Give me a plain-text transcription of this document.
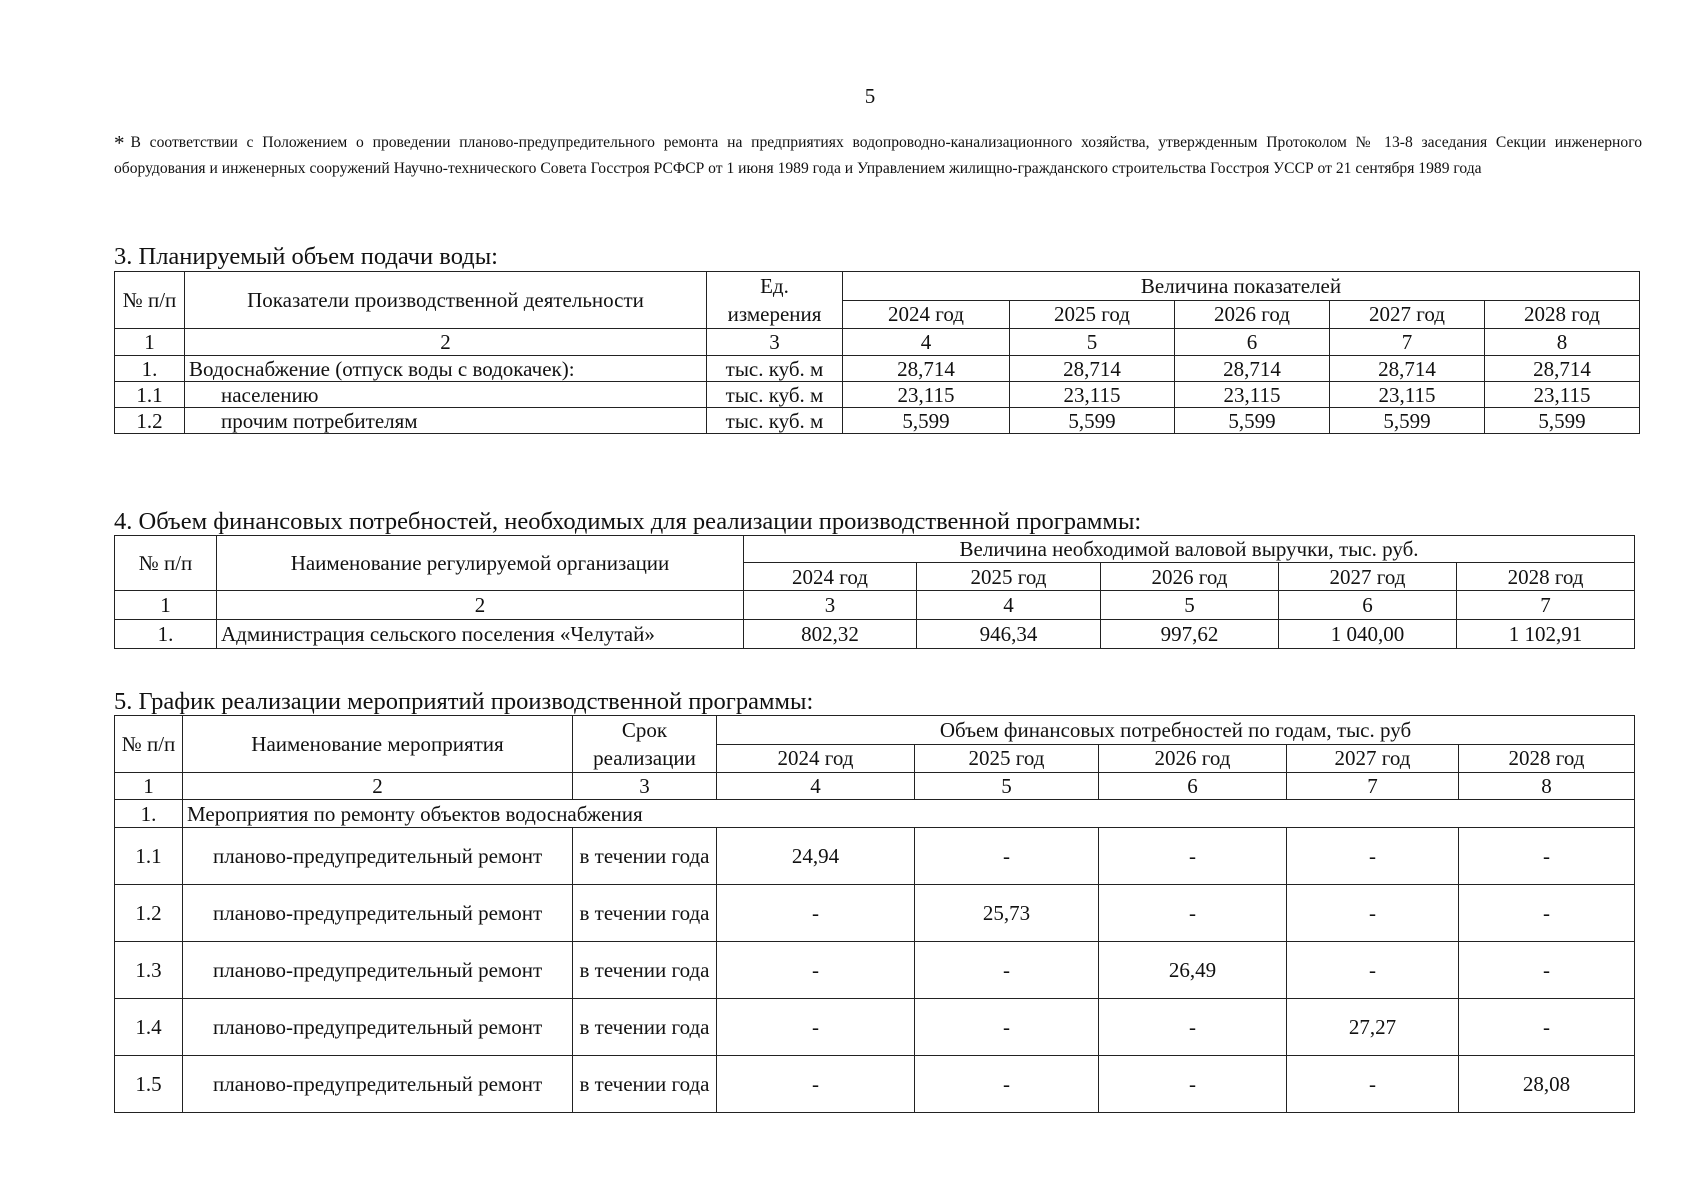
5
* В соответствии с Положением о проведении планово-предупредительного ремонта на предприятиях водопроводно-канализационного хозяйства, утвержденным Протоколом № 13-8 заседания Секции инженерного оборудования и инженерных сооружений Научно-технического Совета Госстроя РСФСР от 1 июня 1989 года и Управлением жилищно-гражданского строительства Госстроя УССР от 21 сентября 1989 года
3. Планируемый объем подачи воды:
№ п/п	Показатели производственной деятельности	Ед. измерения	Величина показателей				
			2024 год	2025 год	2026 год	2027 год	2028 год
1	2	3	4	5	6	7	8
1.	Водоснабжение (отпуск воды с водокачек):	тыс. куб. м	28,714	28,714	28,714	28,714	28,714
1.1	населению	тыс. куб. м	23,115	23,115	23,115	23,115	23,115
1.2	прочим потребителям	тыс. куб. м	5,599	5,599	5,599	5,599	5,599
4. Объем финансовых потребностей, необходимых для реализации производственной программы:
№ п/п	Наименование регулируемой организации	Величина необходимой валовой выручки, тыс. руб.				
		2024 год	2025 год	2026 год	2027 год	2028 год
1	2	3	4	5	6	7
1.	Администрация сельского поселения «Челутай»	802,32	946,34	997,62	1 040,00	1 102,91
5. График реализации мероприятий производственной программы:
№ п/п	Наименование мероприятия	Срок реализации	Объем финансовых потребностей по годам, тыс. руб				
			2024 год	2025 год	2026 год	2027 год	2028 год
1	2	3	4	5	6	7	8
1.	Мероприятия по ремонту объектов водоснабжения						
1.1	планово-предупредительный ремонт	в течении года	24,94	-	-	-	-
1.2	планово-предупредительный ремонт	в течении года	-	25,73	-	-	-
1.3	планово-предупредительный ремонт	в течении года	-	-	26,49	-	-
1.4	планово-предупредительный ремонт	в течении года	-	-	-	27,27	-
1.5	планово-предупредительный ремонт	в течении года	-	-	-	-	28,08
